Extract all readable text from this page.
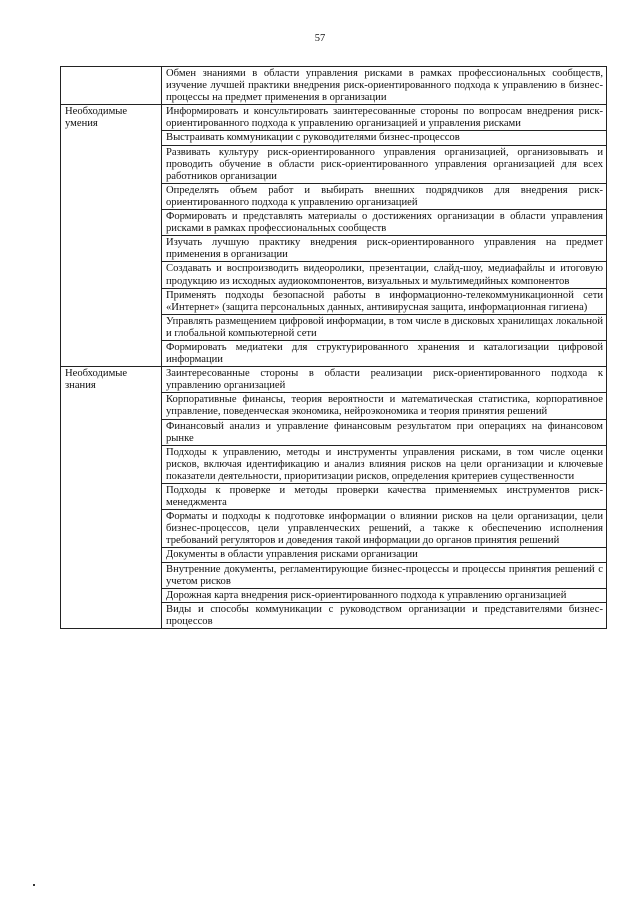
57
	Обмен знаниями в области управления рисками в рамках профессиональных сообществ, изучение лучшей практики внедрения риск-ориентированного подхода к управлению в бизнес-процессы на предмет применения в организации
Необходимые умения	Информировать и консультировать заинтересованные стороны по вопросам внедрения риск-ориентированного подхода к управлению организацией и управления рисками
	Выстраивать коммуникации с руководителями бизнес-процессов
	Развивать культуру риск-ориентированного управления организацией, организовывать и проводить обучение в области риск-ориентированного управления организацией для всех работников организации
	Определять объем работ и выбирать внешних подрядчиков для внедрения риск-ориентированного подхода к управлению организацией
	Формировать и представлять материалы о достижениях организации в области управления рисками в рамках профессиональных сообществ
	Изучать лучшую практику внедрения риск-ориентированного управления на предмет применения в организации
	Создавать и воспроизводить видеоролики, презентации, слайд-шоу, медиафайлы и итоговую продукцию из исходных аудиокомпонентов, визуальных и мультимедийных компонентов
	Применять подходы безопасной работы в информационно-телекоммуникационной сети «Интернет» (защита персональных данных, антивирусная защита, информационная гигиена)
	Управлять размещением цифровой информации, в том числе в дисковых хранилищах локальной и глобальной компьютерной сети
	Формировать медиатеки для структурированного хранения и каталогизации цифровой информации
Необходимые знания	Заинтересованные стороны в области реализации риск-ориентированного подхода к управлению организацией
	Корпоративные финансы, теория вероятности и математическая статистика, корпоративное управление, поведенческая экономика, нейроэкономика и теория принятия решений
	Финансовый анализ и управление финансовым результатом при операциях на финансовом рынке
	Подходы к управлению, методы и инструменты управления рисками, в том числе оценки рисков, включая идентификацию и анализ влияния рисков на цели организации и ключевые показатели деятельности, приоритизации рисков, определения критериев существенности
	Подходы к проверке и методы проверки качества применяемых инструментов риск-менеджмента
	Форматы и подходы к подготовке информации о влиянии рисков на цели организации, цели бизнес-процессов, цели управленческих решений, а также к обеспечению исполнения требований регуляторов и доведения такой информации до органов принятия решений
	Документы в области управления рисками организации
	Внутренние документы, регламентирующие бизнес-процессы и процессы принятия решений с учетом рисков
	Дорожная карта внедрения риск-ориентированного подхода к управлению организацией
	Виды и способы коммуникации с руководством организации и представителями бизнес-процессов
